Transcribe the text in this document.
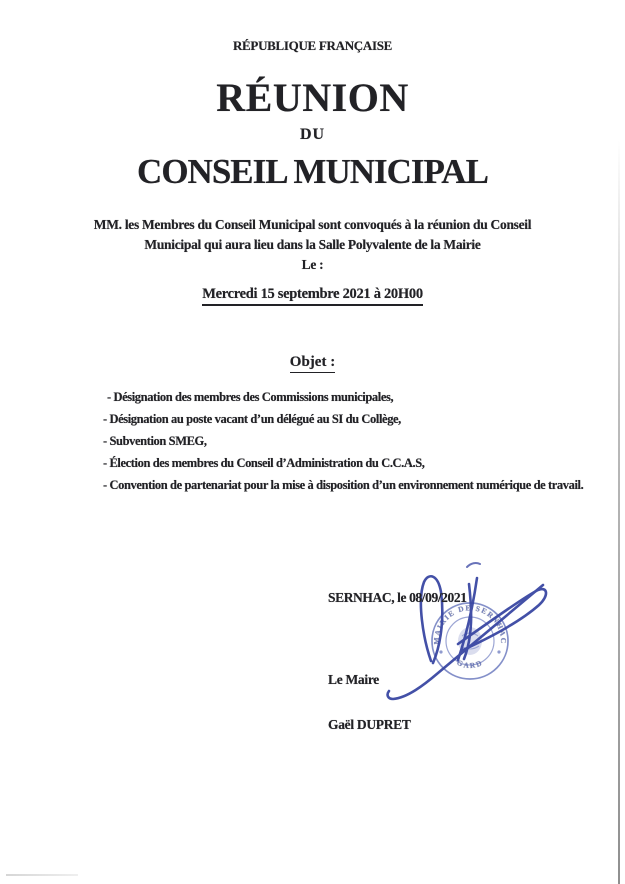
RÉPUBLIQUE FRANÇAISE
RÉUNION
DU
CONSEIL MUNICIPAL
MM. les Membres du Conseil Municipal sont convoqués à la réunion du Conseil
Municipal qui aura lieu dans la Salle Polyvalente de la Mairie
Le :
Mercredi 15 septembre 2021 à 20H00
Objet :
- Désignation des membres des Commissions municipales,
- Désignation au poste vacant d’un délégué au SI du Collège,
- Subvention SMEG,
- Élection des membres du Conseil d’Administration du C.C.A.S,
- Convention de partenariat pour la mise à disposition d’un environnement numérique de travail.
SERNHAC, le 08/09/2021
MAIRIE DE SERNHAC
GARD
Le Maire
Gaël DUPRET
